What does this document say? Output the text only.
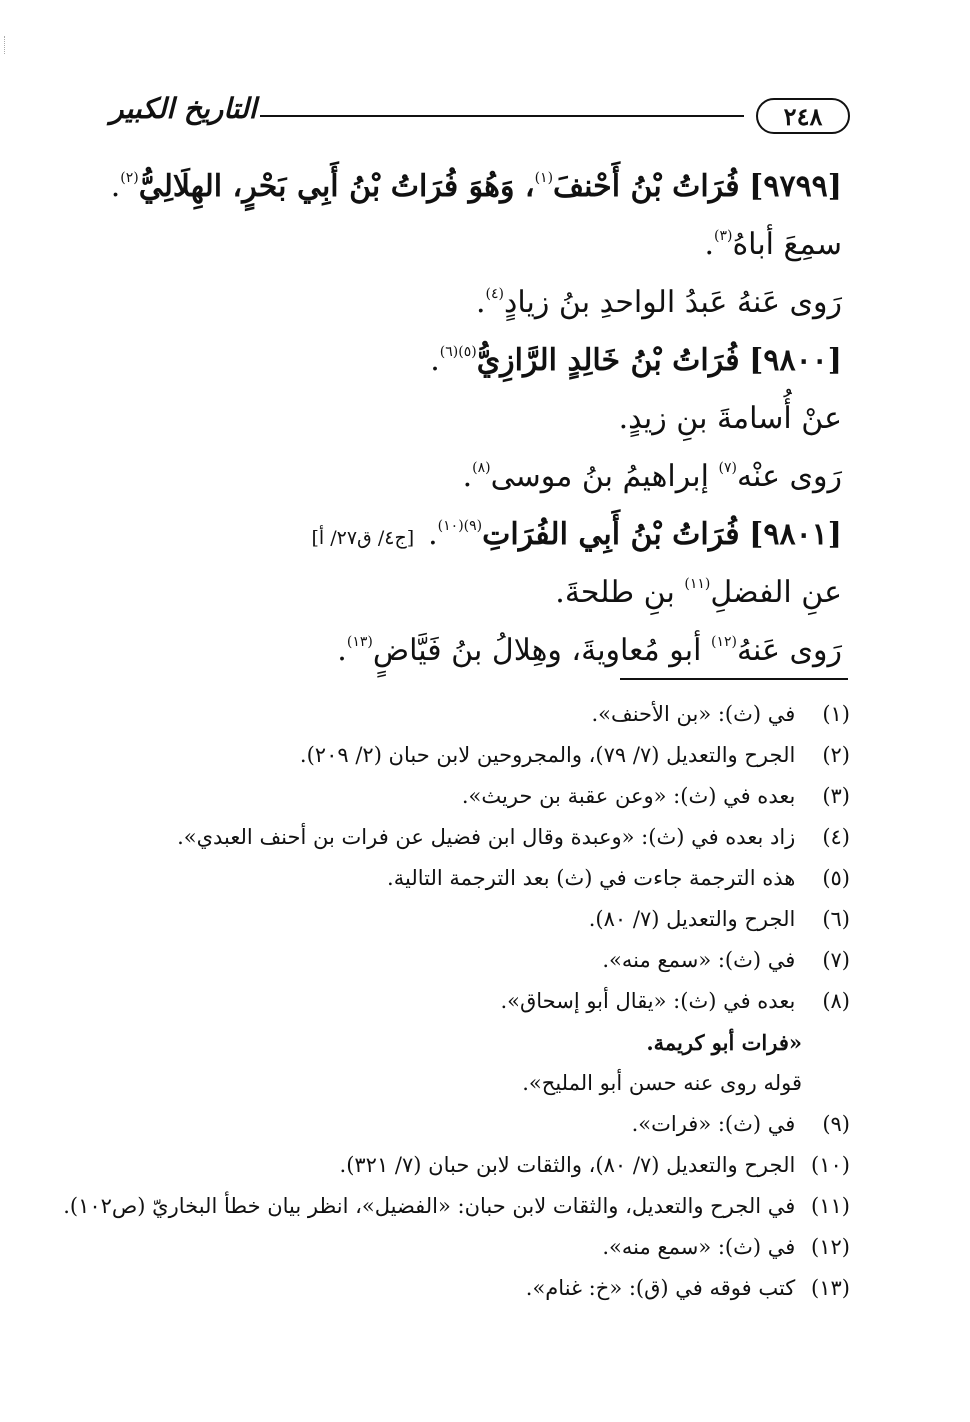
٢٤٨
التاريخ الكبير
[٩٧٩٩] فُرَاتُ بْنُ أَحْنفَ$^{(١)}$، وَهُوَ فُرَاتُ بْنُ أَبِي بَحْرٍ، الهِلَالِيُّ$^{(٢)}$.
سمِعَ أباهُ$^{(٣)}$.
رَوى عَنهُ عَبدُ الواحدِ بنُ زيادٍ$^{(٤)}$.
[٩٨٠٠] فُرَاتُ بْنُ خَالِدٍ الرَّازِيُّ$^{(٥)(٦)}$.
عنْ أُسامةَ بنِ زيدٍ.
رَوى عنْه$^{(٧)}$ إبراهيمُ بنُ موسى$^{(٨)}$.
[٩٨٠١] فُرَاتُ بْنُ أَبِي الفُرَاتِ$^{(٩)(١٠)}$.[ج٤/ ق٢٧/ أ]
عنِ الفضلِ$^{(١١)}$ بنِ طلحةَ.
رَوى عَنهُ$^{(١٢)}$ أبو مُعاويةَ، وهِلالُ بنُ فَيَّاضٍ$^{(١٣)}$.
(١) في (ث): «بن الأحنف».
(٢) الجرح والتعديل (٧/ ٧٩)، والمجروحين لابن حبان (٢/ ٢٠٩).
(٣) بعده في (ث): «وعن عقبة بن حريث».
(٤) زاد بعده في (ث): «وعبدة وقال ابن فضيل عن فرات بن أحنف العبدي».
(٥) هذه الترجمة جاءت في (ث) بعد الترجمة التالية.
(٦) الجرح والتعديل (٧/ ٨٠).
(٧) في (ث): «سمع منه».
(٨) بعده في (ث): «يقال أبو إسحاق».
«فرات أبو كريمة.
قوله روى عنه حسن أبو المليح».
(٩) في (ث): «فرات».
(١٠) الجرح والتعديل (٧/ ٨٠)، والثقات لابن حبان (٧/ ٣٢١).
(١١) في الجرح والتعديل، والثقات لابن حبان: «الفضيل»، انظر بيان خطأ البخاريّ (ص١٠٢).
(١٢) في (ث): «سمع منه».
(١٣) كتب فوقه في (ق): «خ: غنام».
